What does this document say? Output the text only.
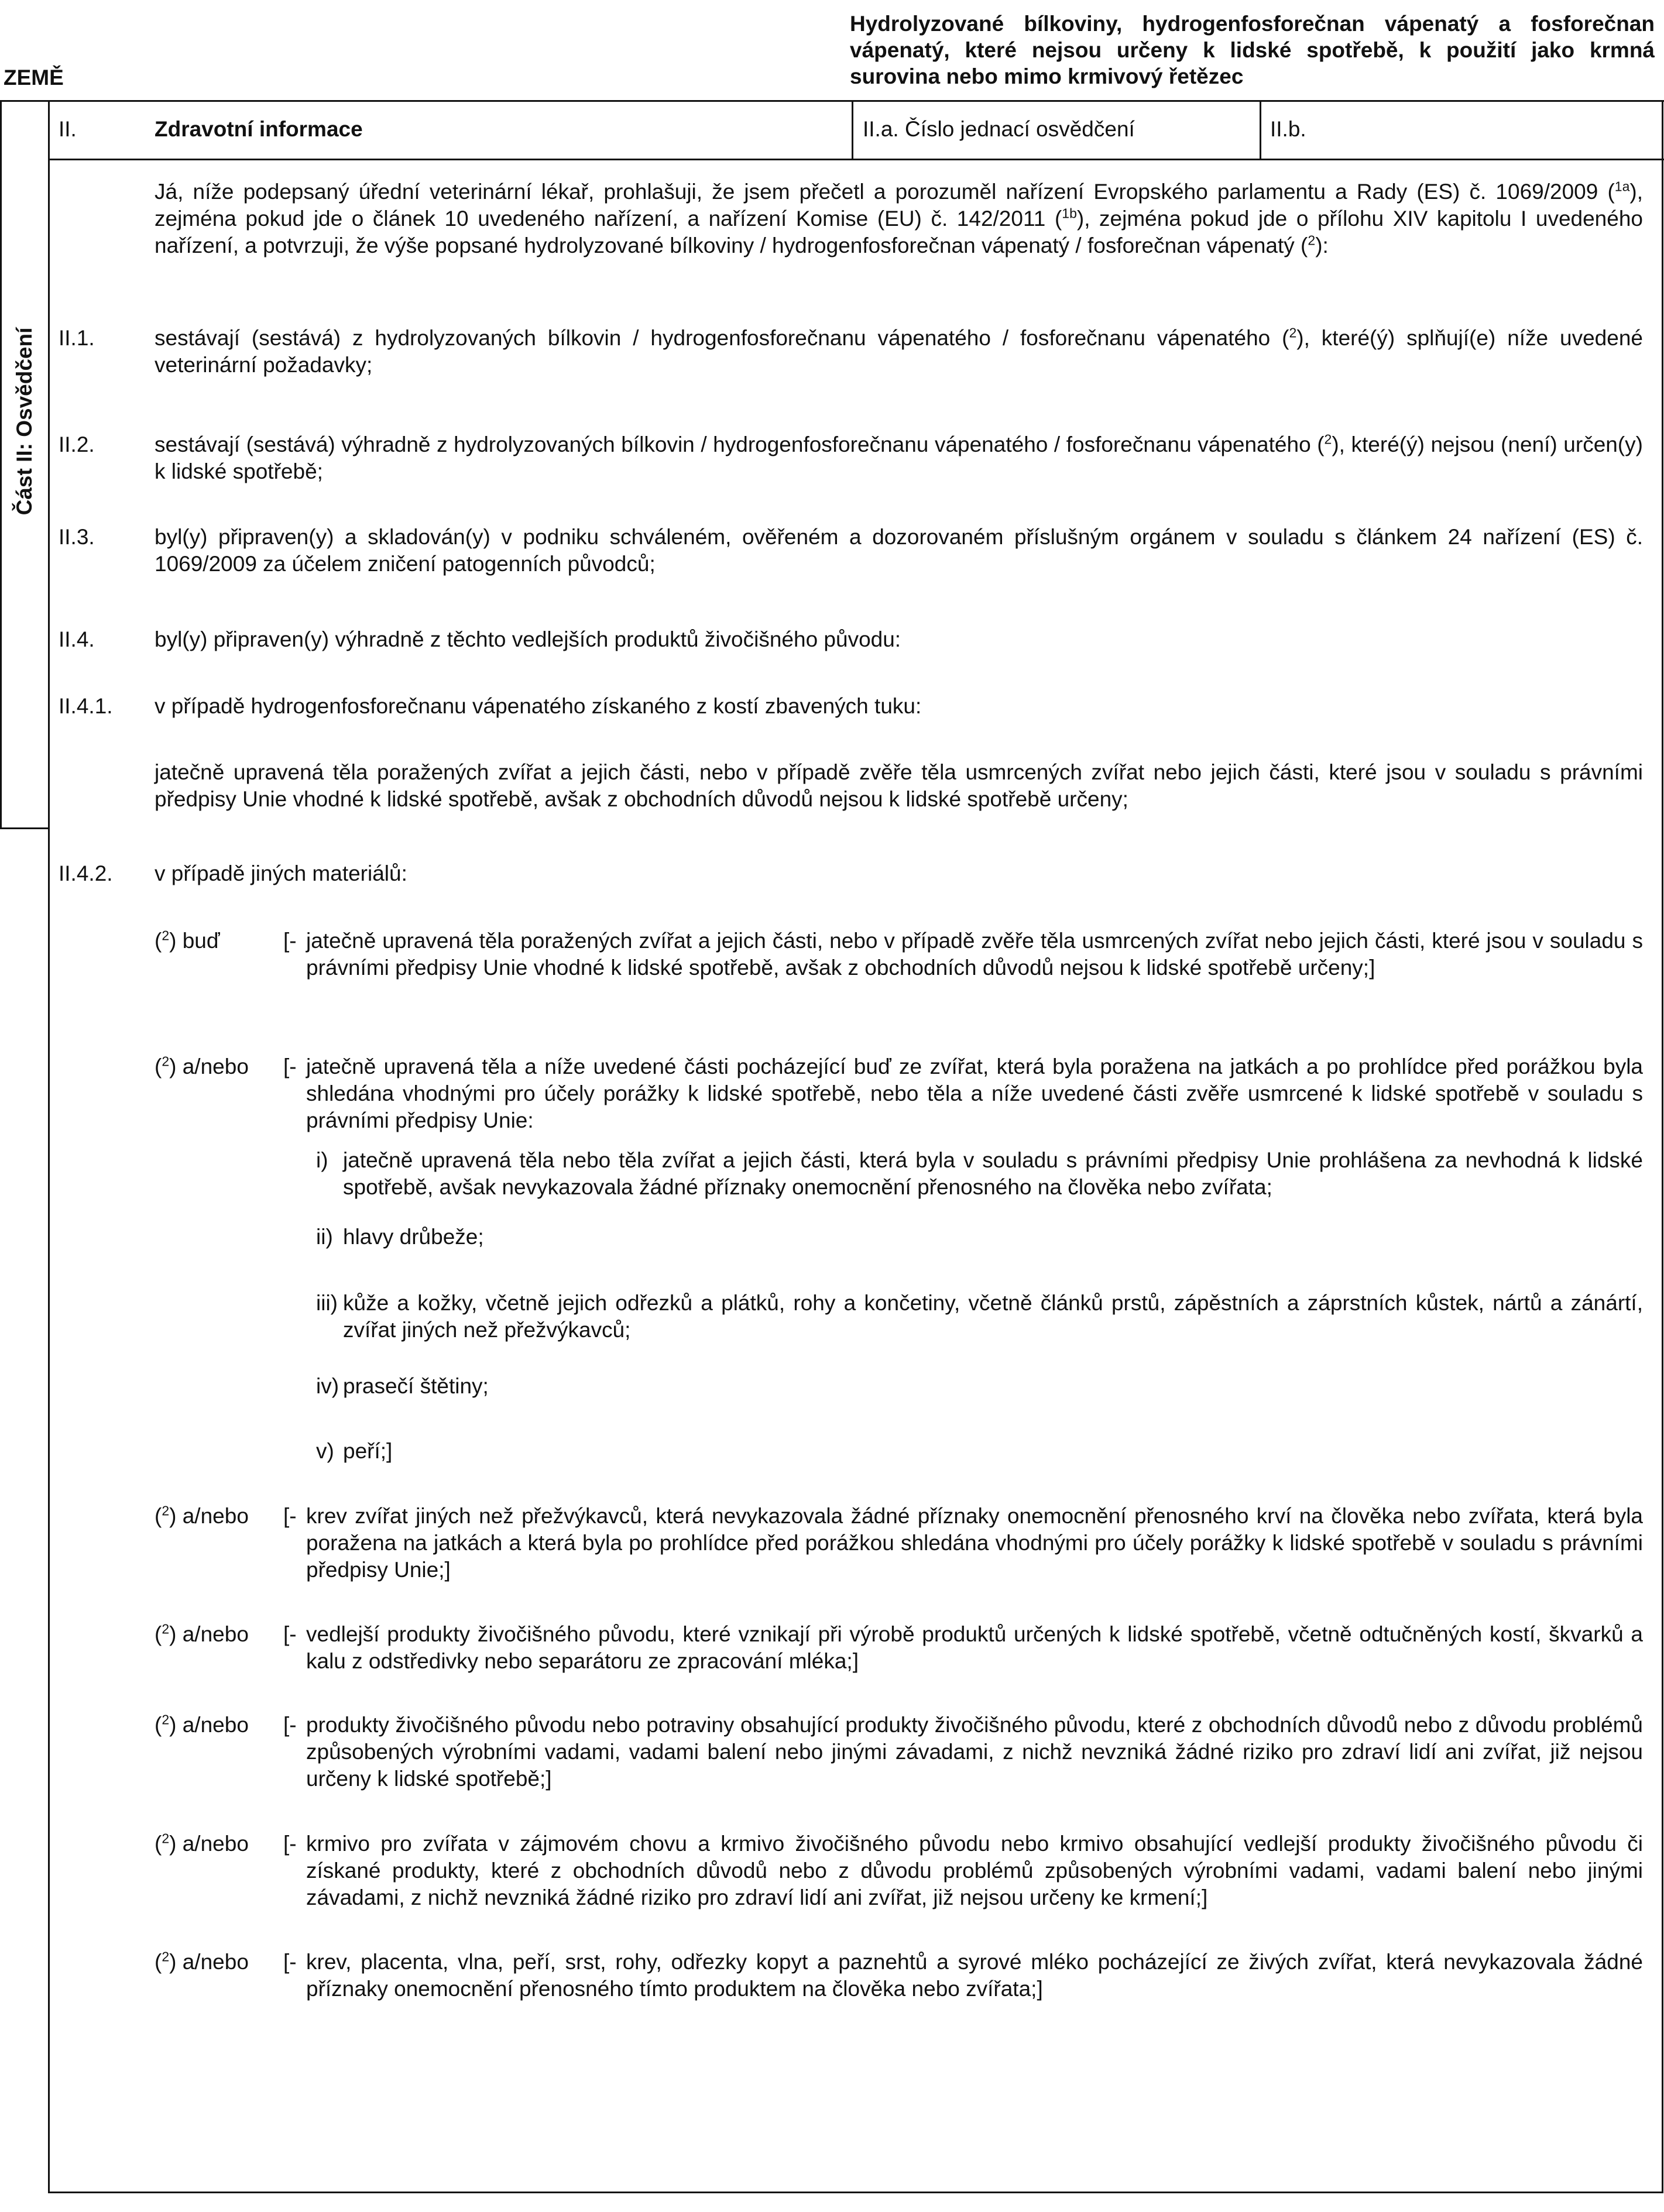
ZEMĚ
Hydrolyzované bílkoviny, hydrogenfosforečnan vápenatý a fosforečnan vápenatý, které nejsou určeny k lidské spotřebě, k použití jako krmná surovina nebo mimo krmivový řetězec
Část II: Osvědčení
II.	Zdravotní informace	II.a. Číslo jednací osvědčení	II.b.
Já, níže podepsaný úřední veterinární lékař, prohlašuji, že jsem přečetl a porozuměl nařízení Evropského parlamentu a Rady (ES) č. 1069/2009 ($^{1a}$), zejména pokud jde o článek 10 uvedeného nařízení, a nařízení Komise (EU) č. 142/2011 ($^{1b}$), zejména pokud jde o přílohu XIV kapitolu I uvedeného nařízení, a potvrzuji, že výše popsané hydrolyzované bílkoviny / hydrogenfosforečnan vápenatý / fosforečnan vápenatý ($^2$):
II.1.	sestávají (sestává) z hydrolyzovaných bílkovin / hydrogenfosforečnanu vápenatého / fosforečnanu vápenatého ($^2$), které(ý) splňují(e) níže uvedené veterinární požadavky;
II.2.	sestávají (sestává) výhradně z hydrolyzovaných bílkovin / hydrogenfosforečnanu vápenatého / fosforečnanu vápenatého ($^2$), které(ý) nejsou (není) určen(y) k lidské spotřebě;
II.3.	byl(y) připraven(y) a skladován(y) v podniku schváleném, ověřeném a dozorovaném příslušným orgánem v souladu s článkem 24 nařízení (ES) č. 1069/2009 za účelem zničení patogenních původců;
II.4.	byl(y) připraven(y) výhradně z těchto vedlejších produktů živočišného původu:
II.4.1. v případě hydrogenfosforečnanu vápenatého získaného z kostí zbavených tuku:
jatečně upravená těla poražených zvířat a jejich části, nebo v případě zvěře těla usmrcených zvířat nebo jejich části, které jsou v souladu s právními předpisy Unie vhodné k lidské spotřebě, avšak z obchodních důvodů nejsou k lidské spotřebě určeny;
II.4.2. v případě jiných materiálů:
($^2$) buď	[- jatečně upravená těla poražených zvířat a jejich části, nebo v případě zvěře těla usmrcených zvířat nebo jejich části, které jsou v souladu s právními předpisy Unie vhodné k lidské spotřebě, avšak z obchodních důvodů nejsou k lidské spotřebě určeny;]
($^2$) a/nebo [- jatečně upravená těla a níže uvedené části pocházející buď ze zvířat, která byla poražena na jatkách a po prohlídce před porážkou byla shledána vhodnými pro účely porážky k lidské spotřebě, nebo těla a níže uvedené části zvěře usmrcené k lidské spotřebě v souladu s právními předpisy Unie:
i) jatečně upravená těla nebo těla zvířat a jejich části, která byla v souladu s právními předpisy Unie prohlášena za nevhodná k lidské spotřebě, avšak nevykazovala žádné příznaky onemocnění přenosného na člověka nebo zvířata;
ii) hlavy drůbeže;
iii) kůže a kožky, včetně jejich odřezků a plátků, rohy a končetiny, včetně článků prstů, zápěstních a záprstních kůstek, nártů a zánártí, zvířat jiných než přežvýkavců;
iv) prasečí štětiny;
v) peří;]
($^2$) a/nebo [- krev zvířat jiných než přežvýkavců, která nevykazovala žádné příznaky onemocnění přenosného krví na člověka nebo zvířata, která byla poražena na jatkách a která byla po prohlídce před porážkou shledána vhodnými pro účely porážky k lidské spotřebě v souladu s právními předpisy Unie;]
($^2$) a/nebo [- vedlejší produkty živočišného původu, které vznikají při výrobě produktů určených k lidské spotřebě, včetně odtučněných kostí, škvarků a kalu z odstředivky nebo separátoru ze zpracování mléka;]
($^2$) a/nebo [- produkty živočišného původu nebo potraviny obsahující produkty živočišného původu, které z obchodních důvodů nebo z důvodu problémů způsobených výrobními vadami, vadami balení nebo jinými závadami, z nichž nevzniká žádné riziko pro zdraví lidí ani zvířat, již nejsou určeny k lidské spotřebě;]
($^2$) a/nebo [- krmivo pro zvířata v zájmovém chovu a krmivo živočišného původu nebo krmivo obsahující vedlejší produkty živočišného původu či získané produkty, které z obchodních důvodů nebo z důvodu problémů způsobených výrobními vadami, vadami balení nebo jinými závadami, z nichž nevzniká žádné riziko pro zdraví lidí ani zvířat, již nejsou určeny ke krmení;]
($^2$) a/nebo [- krev, placenta, vlna, peří, srst, rohy, odřezky kopyt a paznehtů a syrové mléko pocházející ze živých zvířat, která nevykazovala žádné příznaky onemocnění přenosného tímto produktem na člověka nebo zvířata;]
